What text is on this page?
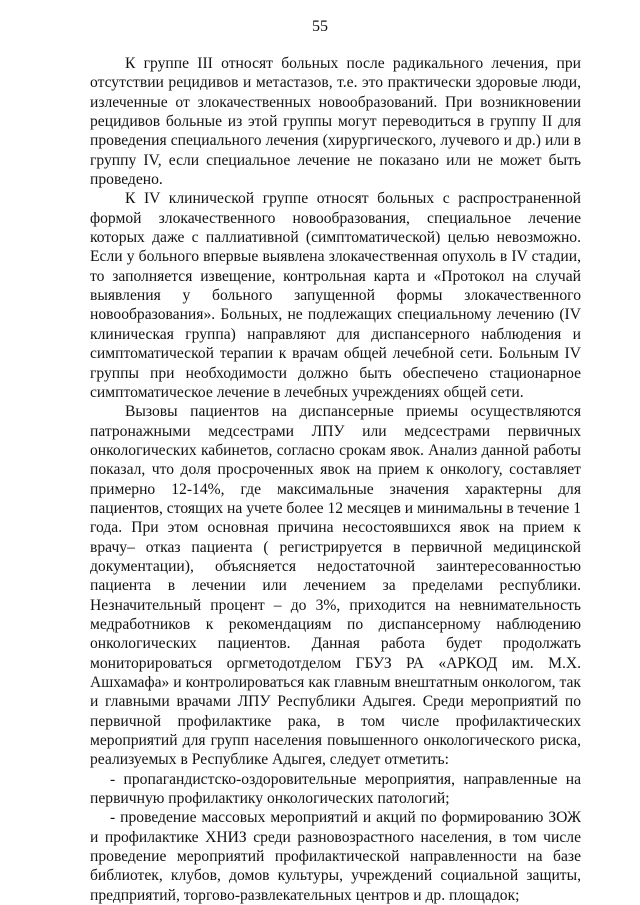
55

К группе III относят больных после радикального лечения, при отсутствии рецидивов и метастазов, т.е. это практически здоровые люди, излеченные от злокачественных новообразований. При возникновении рецидивов больные из этой группы могут переводиться в группу II для проведения специального лечения (хирургического, лучевого и др.) или в группу IV, если специальное лечение не показано или не может быть проведено.

К IV клинической группе относят больных с распространенной формой злокачественного новообразования, специальное лечение которых даже с паллиативной (симптоматической) целью невозможно. Если у больного впервые выявлена злокачественная опухоль в IV стадии, то заполняется извещение, контрольная карта и «Протокол на случай выявления у больного запущенной формы злокачественного новообразования». Больных, не подлежащих специальному лечению (IV клиническая группа) направляют для диспансерного наблюдения и симптоматической терапии к врачам общей лечебной сети. Больным IV группы при необходимости должно быть обеспечено стационарное симптоматическое лечение в лечебных учреждениях общей сети.

Вызовы пациентов на диспансерные приемы осуществляются патронажными медсестрами ЛПУ или медсестрами первичных онкологических кабинетов, согласно срокам явок. Анализ данной работы показал, что доля просроченных явок на прием к онкологу, составляет примерно 12-14%, где максимальные значения характерны для пациентов, стоящих на учете более 12 месяцев и минимальны в течение 1 года. При этом основная причина несостоявшихся явок на прием к врачу– отказ пациента ( регистрируется в первичной медицинской документации), объясняется недостаточной заинтересованностью пациента в лечении или лечением за пределами республики. Незначительный процент – до 3%, приходится на невнимательность медработников к рекомендациям по диспансерному наблюдению онкологических пациентов. Данная работа будет продолжать мониторироваться оргметодотделом ГБУЗ РА «АРКОД им. М.Х. Ашхамафа» и контролироваться как главным внештатным онкологом, так и главными врачами ЛПУ Республики Адыгея. Среди мероприятий по первичной профилактике рака, в том числе профилактических мероприятий для групп населения повышенного онкологического риска, реализуемых в Республике Адыгея, следует отметить:

- пропагандистско-оздоровительные мероприятия, направленные на первичную профилактику онкологических патологий;

- проведение массовых мероприятий и акций по формированию ЗОЖ и профилактике ХНИЗ среди разновозрастного населения, в том числе проведение мероприятий профилактической направленности на базе библиотек, клубов, домов культуры, учреждений социальной защиты, предприятий, торгово-развлекательных центров и др. площадок;
